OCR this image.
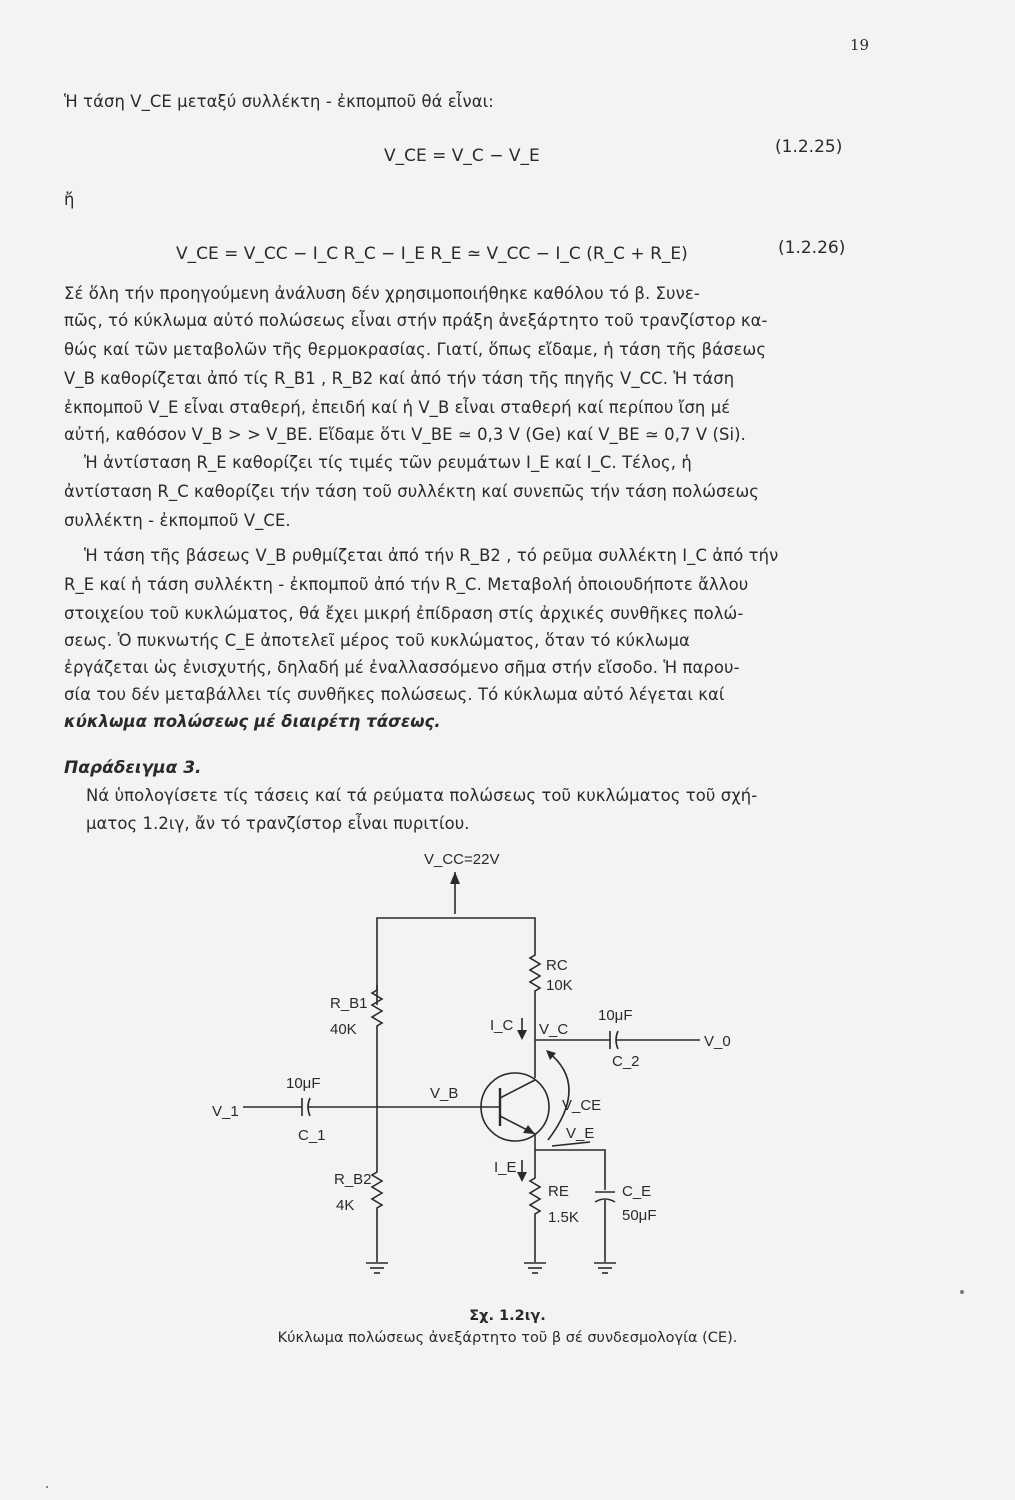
19
Ἡ τάση V_CE μεταξύ συλλέκτη - ἐκπομποῦ θά εἶναι:
V_CE = V_C − V_E	(1.2.25)
ἤ
V_CE = V_CC − I_C R_C − I_E R_E ≃ V_CC − I_C (R_C + R_E)	(1.2.26)
Σέ ὅλη τήν προηγούμενη ἀνάλυση δέν χρησιμοποιήθηκε καθόλου τό β. Συνε-
πῶς, τό κύκλωμα αὐτό πολώσεως εἶναι στήν πράξη ἀνεξάρτητο τοῦ τρανζίστορ κα-
θώς καί τῶν μεταβολῶν τῆς θερμοκρασίας. Γιατί, ὅπως εἴδαμε, ἡ τάση τῆς βάσεως
V_B καθορίζεται ἀπό τίς R_B1 , R_B2 καί ἀπό τήν τάση τῆς πηγῆς V_CC. Ἡ τάση
ἐκπομποῦ V_E εἶναι σταθερή, ἐπειδή καί ἡ V_B εἶναι σταθερή καί περίπου ἴση μέ
αὐτή, καθόσον V_B > > V_BE. Εἴδαμε ὅτι V_BE ≃ 0,3 V (Ge) καί V_BE ≃ 0,7 V (Si).
Ἡ ἀντίσταση R_E καθορίζει τίς τιμές τῶν ρευμάτων I_E καί I_C. Τέλος, ἡ
ἀντίσταση R_C καθορίζει τήν τάση τοῦ συλλέκτη καί συνεπῶς τήν τάση πολώσεως
συλλέκτη - ἐκπομποῦ V_CE.
Ἡ τάση τῆς βάσεως V_B ρυθμίζεται ἀπό τήν R_B2 , τό ρεῦμα συλλέκτη I_C ἀπό τήν
R_E καί ἡ τάση συλλέκτη - ἐκπομποῦ ἀπό τήν R_C. Μεταβολή ὁποιουδήποτε ἄλλου
στοιχείου τοῦ κυκλώματος, θά ἔχει μικρή ἐπίδραση στίς ἀρχικές συνθῆκες πολώ-
σεως. Ὁ πυκνωτής C_E ἀποτελεῖ μέρος τοῦ κυκλώματος, ὅταν τό κύκλωμα
ἐργάζεται ὡς ἐνισχυτής, δηλαδή μέ ἐναλλασσόμενο σῆμα στήν εἴσοδο. Ἡ παρου-
σία του δέν μεταβάλλει τίς συνθῆκες πολώσεως. Τό κύκλωμα αὐτό λέγεται καί
κύκλωμα πολώσεως μέ διαιρέτη τάσεως.
Παράδειγμα 3.
Νά ὑπολογίσετε τίς τάσεις καί τά ρεύματα πολώσεως τοῦ κυκλώματος τοῦ σχή-
ματος 1.2ιγ, ἄν τό τρανζίστορ εἶναι πυριτίου.
V_CC=22V
RC
10K
R_B1
40K
10μF
C_2
V_0
I_C V_C
10μF
C_1
V_1
V_B
V_CE
V_E
I_E
RE
1.5K
C_E
50μF
R_B2
4K
Σχ. 1.2ιγ.
Κύκλωμα πολώσεως ἀνεξάρτητο τοῦ β σέ συνδεσμολογία (CE).
